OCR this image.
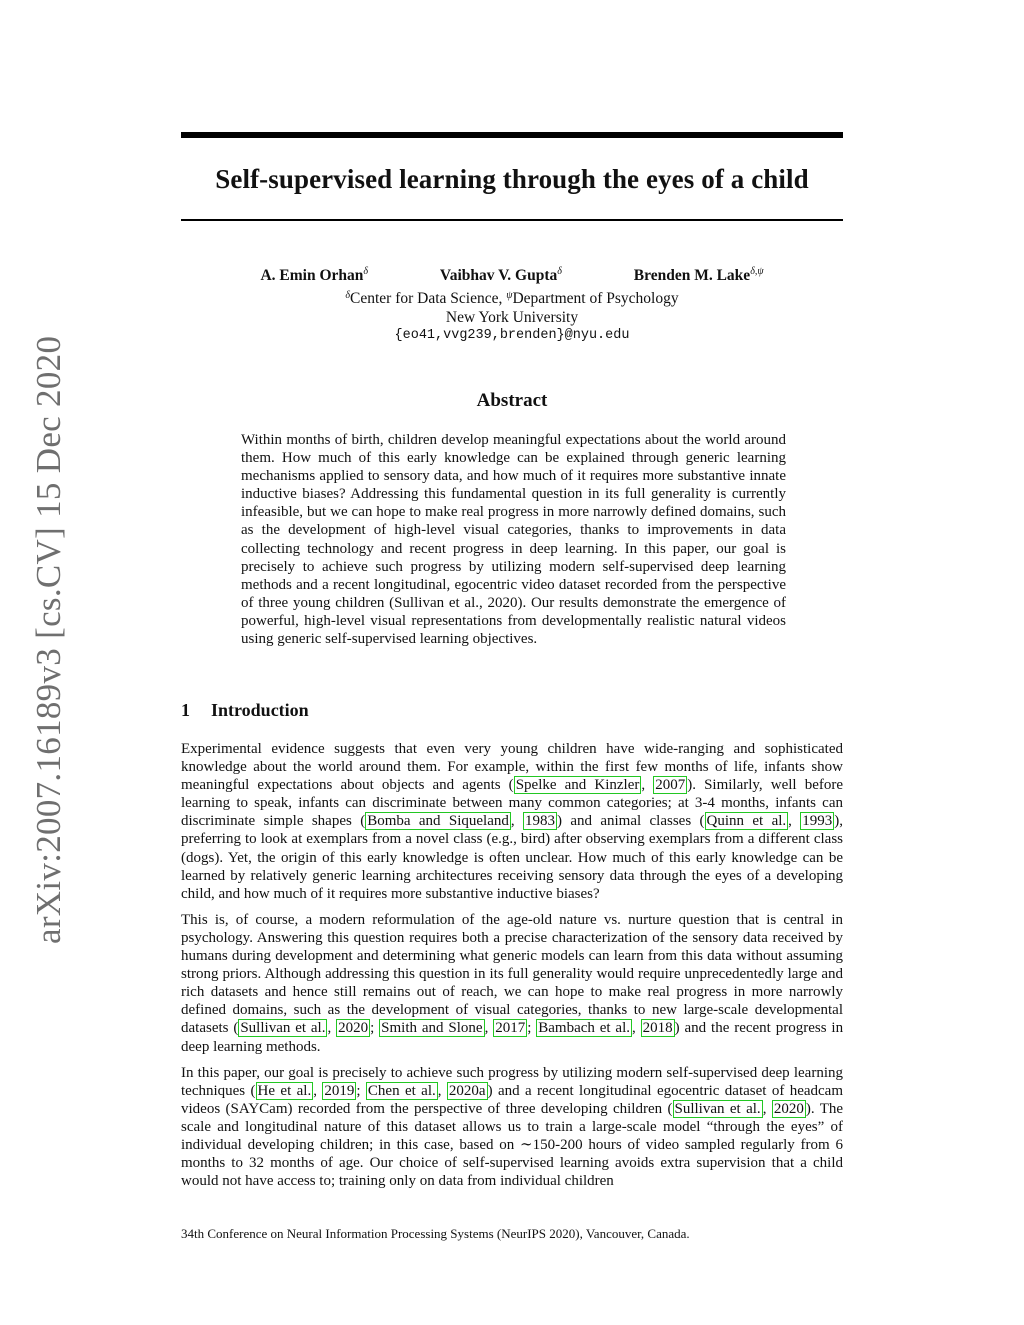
arXiv:2007.16189v3 [cs.CV] 15 Dec 2020
Self-supervised learning through the eyes of a child
A. Emin Orhan$^\delta$	Vaibhav V. Gupta$^\delta$	Brenden M. Lake$^{\delta,\psi}$
$^\delta$Center for Data Science, $^\psi$Department of Psychology
New York University
{eo41,vvg239,brenden}@nyu.edu
Abstract

Within months of birth, children develop meaningful expectations about the world around them. How much of this early knowledge can be explained through generic learning mechanisms applied to sensory data, and how much of it requires more substantive innate inductive biases? Addressing this fundamental question in its full generality is currently infeasible, but we can hope to make real progress in more narrowly defined domains, such as the development of high-level visual categories, thanks to improvements in data collecting technology and recent progress in deep learning. In this paper, our goal is precisely to achieve such progress by utilizing modern self-supervised deep learning methods and a recent longitudinal, egocentric video dataset recorded from the perspective of three young children (Sullivan et al., 2020). Our results demonstrate the emergence of powerful, high-level visual representations from developmentally realistic natural videos using generic self-supervised learning objectives.

1 Introduction

Experimental evidence suggests that even very young children have wide-ranging and sophisticated knowledge about the world around them. For example, within the first few months of life, infants show meaningful expectations about objects and agents ( Spelke and Kinzler , 2007 ). Similarly, well before learning to speak, infants can discriminate between many common categories; at 3-4 months, infants can discriminate simple shapes ( Bomba and Siqueland , 1983 ) and animal classes ( Quinn et al. , 1993 ), preferring to look at exemplars from a novel class (e.g., bird) after observing exemplars from a different class (dogs). Yet, the origin of this early knowledge is often unclear. How much of this early knowledge can be learned by relatively generic learning architectures receiving sensory data through the eyes of a developing child, and how much of it requires more substantive inductive biases?

This is, of course, a modern reformulation of the age-old nature vs. nurture question that is central in psychology. Answering this question requires both a precise characterization of the sensory data received by humans during development and determining what generic models can learn from this data without assuming strong priors. Although addressing this question in its full generality would require unprecedentedly large and rich datasets and hence still remains out of reach, we can hope to make real progress in more narrowly defined domains, such as the development of visual categories, thanks to new large-scale developmental datasets ( Sullivan et al. , 2020 ; Smith and Slone , 2017 ; Bambach et al. , 2018 ) and the recent progress in deep learning methods.

In this paper, our goal is precisely to achieve such progress by utilizing modern self-supervised deep learning techniques ( He et al. , 2019 ; Chen et al. , 2020a ) and a recent longitudinal egocentric dataset of headcam videos (SAYCam) recorded from the perspective of three developing children ( Sullivan et al. , 2020 ). The scale and longitudinal nature of this dataset allows us to train a large-scale model “through the eyes” of individual developing children; in this case, based on ∼150-200 hours of video sampled regularly from 6 months to 32 months of age. Our choice of self-supervised learning avoids extra supervision that a child would not have access to; training only on data from individual children

34th Conference on Neural Information Processing Systems (NeurIPS 2020), Vancouver, Canada.
